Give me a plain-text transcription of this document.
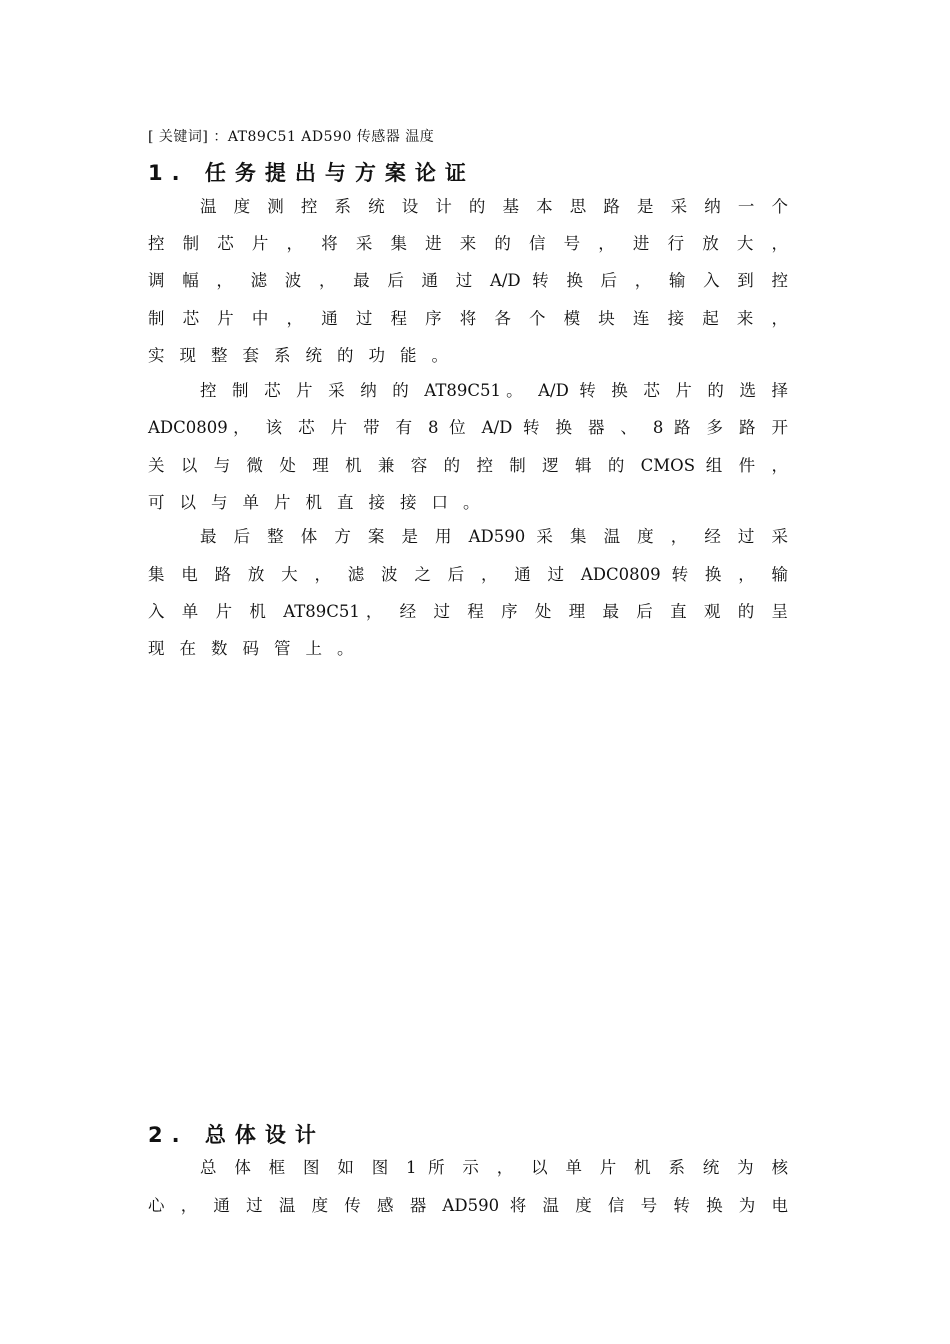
[ 关键词] ：AT89C51 AD590 传感器 温度
1. 任务提出与方案论证
温 度 测 控 系 统 设 计 的 基 本 思 路 是 采 纳 一 个
控 制 芯 片 ， 将 采 集 进 来 的 信 号 ， 进 行 放 大 ，
调 幅 ， 滤 波 ， 最 后 通 过 A/D 转 换 后 ， 输 入 到 控
制 芯 片 中 ， 通 过 程 序 将 各 个 模 块 连 接 起 来 ，
实现整套系统的功能。
控 制 芯 片 采 纳 的 AT89C51。 A/D 转 换 芯 片 的 选 择
ADC0809， 该 芯 片 带 有 8 位 A/D 转 换 器 、 8 路 多 路 开
关 以 与 微 处 理 机 兼 容 的 控 制 逻 辑 的 CMOS 组 件 ，
可以与单片机直接接口。
最 后 整 体 方 案 是 用 AD590 采 集 温 度 ， 经 过 采
集 电 路 放 大 ， 滤 波 之 后 ， 通 过 ADC0809 转 换 ， 输
入 单 片 机 AT89C51， 经 过 程 序 处 理 最 后 直 观 的 呈
现在数码管上。
2. 总体设计
总 体 框 图 如 图 1 所 示 ， 以 单 片 机 系 统 为 核
心 ， 通 过 温 度 传 感 器 AD590 将 温 度 信 号 转 换 为 电
